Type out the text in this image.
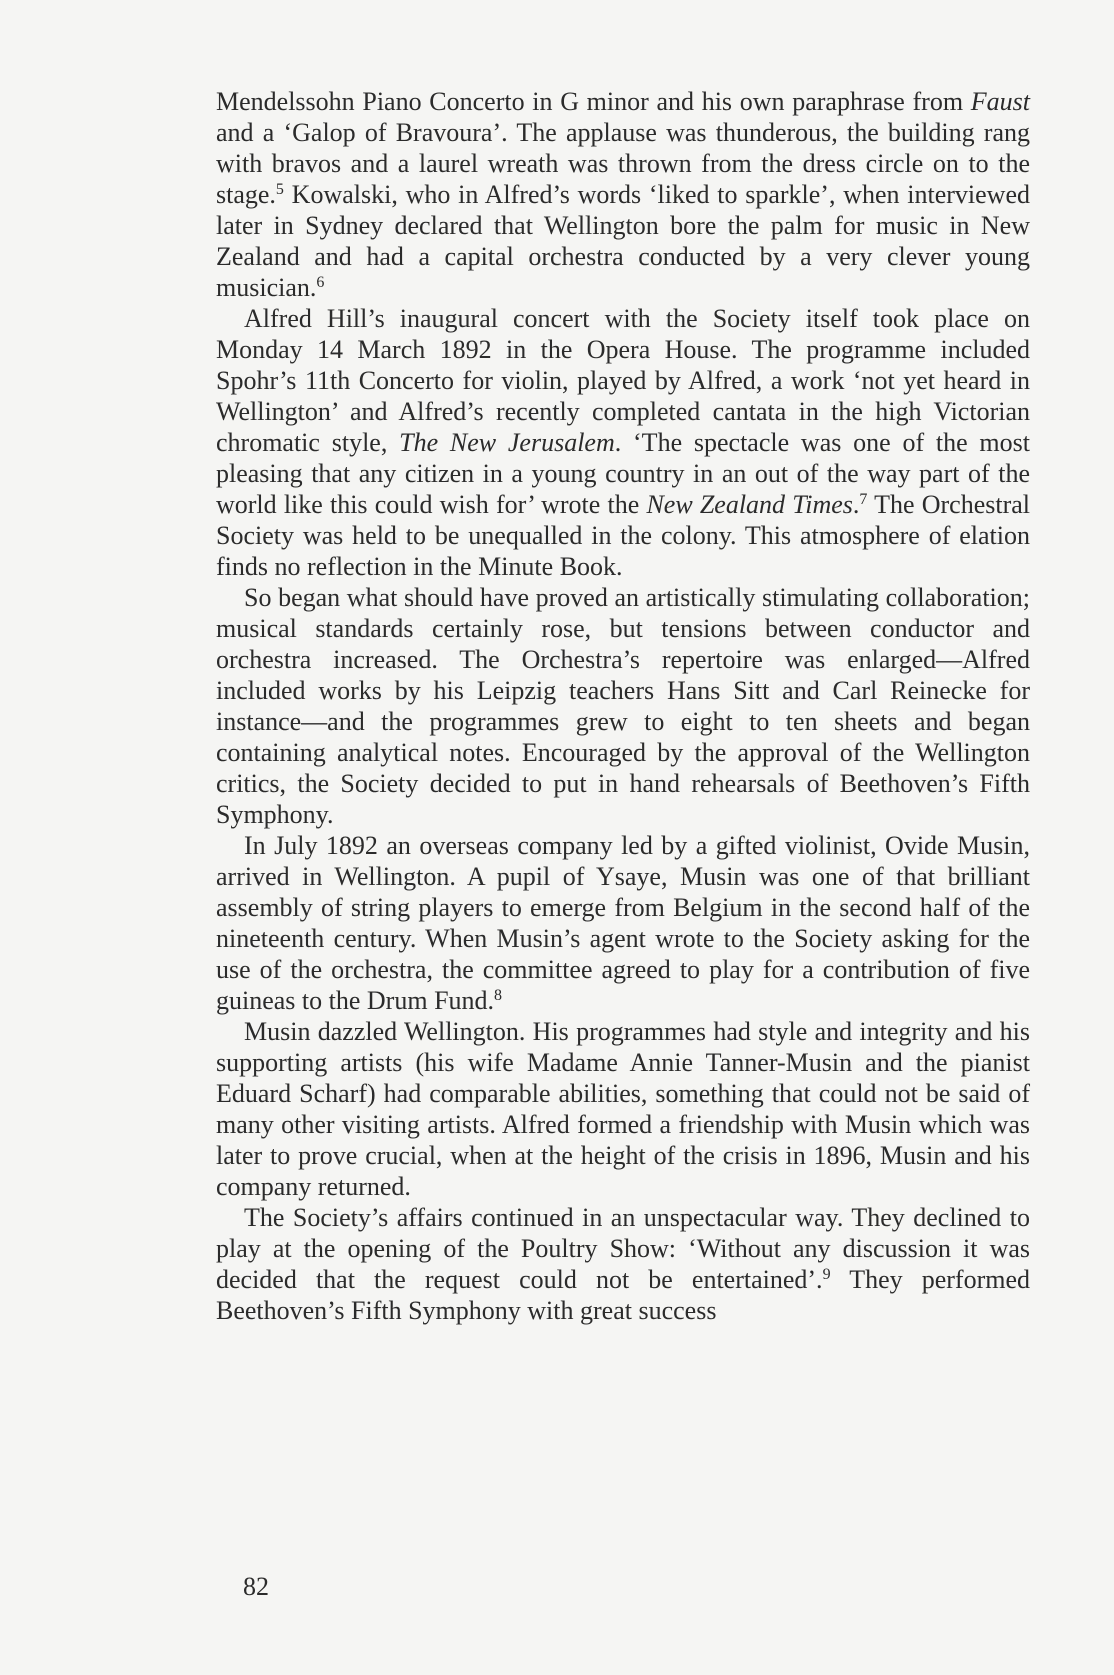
Mendelssohn Piano Concerto in G minor and his own paraphrase from Faust and a ‘Galop of Bravoura’. The applause was thunderous, the building rang with bravos and a laurel wreath was thrown from the dress circle on to the stage.$^5$ Kowalski, who in Alfred’s words ‘liked to sparkle’, when interviewed later in Sydney declared that Wellington bore the palm for music in New Zealand and had a capital orchestra conducted by a very clever young musician.$^6$

Alfred Hill’s inaugural concert with the Society itself took place on Monday 14 March 1892 in the Opera House. The programme included Spohr’s 11th Concerto for violin, played by Alfred, a work ‘not yet heard in Wellington’ and Alfred’s recently completed cantata in the high Victorian chromatic style, The New Jerusalem. ‘The spectacle was one of the most pleasing that any citizen in a young country in an out of the way part of the world like this could wish for’ wrote the New Zealand Times.$^7$ The Orchestral Society was held to be unequalled in the colony. This atmosphere of elation finds no reflection in the Minute Book.

So began what should have proved an artistically stimulating collaboration; musical standards certainly rose, but tensions between conductor and orchestra increased. The Orchestra’s repertoire was enlarged—Alfred included works by his Leipzig teachers Hans Sitt and Carl Reinecke for instance—and the programmes grew to eight to ten sheets and began containing analytical notes. Encouraged by the approval of the Wellington critics, the Society decided to put in hand rehearsals of Beethoven’s Fifth Symphony.

In July 1892 an overseas company led by a gifted violinist, Ovide Musin, arrived in Wellington. A pupil of Ysaye, Musin was one of that brilliant assembly of string players to emerge from Belgium in the second half of the nineteenth century. When Musin’s agent wrote to the Society asking for the use of the orchestra, the committee agreed to play for a contribution of five guineas to the Drum Fund.$^8$

Musin dazzled Wellington. His programmes had style and integrity and his supporting artists (his wife Madame Annie Tanner-Musin and the pianist Eduard Scharf) had comparable abilities, something that could not be said of many other visiting artists. Alfred formed a friendship with Musin which was later to prove crucial, when at the height of the crisis in 1896, Musin and his company returned.

The Society’s affairs continued in an unspectacular way. They declined to play at the opening of the Poultry Show: ‘Without any discussion it was decided that the request could not be entertained’.$^9$ They performed Beethoven’s Fifth Symphony with great success

82
